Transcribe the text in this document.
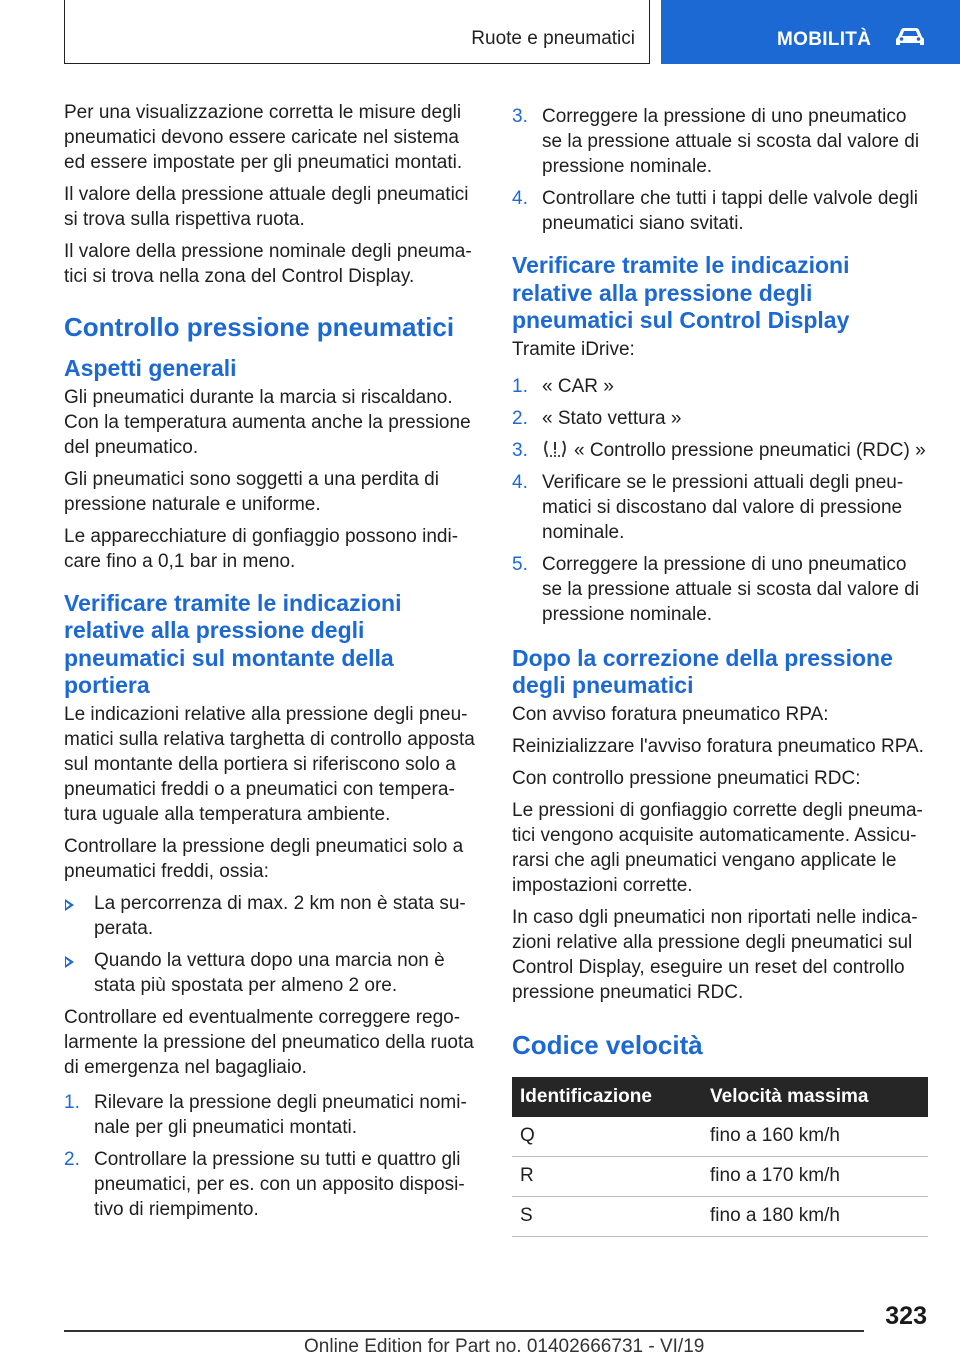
Ruote e pneumatici	MOBILITÀ

Per una visualizzazione corretta le misure degli pneumatici devono essere caricate nel sistema ed essere impostate per gli pneumatici montati.

Il valore della pressione attuale degli pneumatici si trova sulla rispettiva ruota.

Il valore della pressione nominale degli pneumatici si trova nella zona del Control Display.

Controllo pressione pneumatici
Aspetti generali

Gli pneumatici durante la marcia si riscaldano. Con la temperatura aumenta anche la pressione del pneumatico.

Gli pneumatici sono soggetti a una perdita di pressione naturale e uniforme.

Le apparecchiature di gonfiaggio possono indicare fino a 0,1 bar in meno.

Verificare tramite le indicazioni relative alla pressione degli pneumatici sul montante della portiera

Le indicazioni relative alla pressione degli pneumatici sulla relativa targhetta di controllo apposta sul montante della portiera si riferiscono solo a pneumatici freddi o a pneumatici con temperatura uguale alla temperatura ambiente.

Controllare la pressione degli pneumatici solo a pneumatici freddi, ossia:

La percorrenza di max. 2 km non è stata superata.
Quando la vettura dopo una marcia non è stata più spostata per almeno 2 ore.

Controllare ed eventualmente correggere regolarmente la pressione del pneumatico della ruota di emergenza nel bagagliaio.

1. Rilevare la pressione degli pneumatici nominale per gli pneumatici montati.
2. Controllare la pressione su tutti e quattro gli pneumatici, per es. con un apposito dispositivo di riempimento.
3. Correggere la pressione di uno pneumatico se la pressione attuale si scosta dal valore di pressione nominale.
4. Controllare che tutti i tappi delle valvole degli pneumatici siano svitati.
Verificare tramite le indicazioni relative alla pressione degli pneumatici sul Control Display

Tramite iDrive:

1. « CAR »
2. « Stato vettura »
3. « Controllo pressione pneumatici (RDC) »
4. Verificare se le pressioni attuali degli pneumatici si discostano dal valore di pressione nominale.
5. Correggere la pressione di uno pneumatico se la pressione attuale si scosta dal valore di pressione nominale.
Dopo la correzione della pressione degli pneumatici

Con avviso foratura pneumatico RPA:

Reinizializzare l'avviso foratura pneumatico RPA.

Con controllo pressione pneumatici RDC:

Le pressioni di gonfiaggio corrette degli pneumatici vengono acquisite automaticamente. Assicurarsi che agli pneumatici vengano applicate le impostazioni corrette.

In caso dgli pneumatici non riportati nelle indicazioni relative alla pressione degli pneumatici sul Control Display, eseguire un reset del controllo pressione pneumatici RDC.

Codice velocità
Identificazione	Velocità massima
Q	fino a 160 km/h
R	fino a 170 km/h
S	fino a 180 km/h
323
Online Edition for Part no. 01402666731 - VI/19
